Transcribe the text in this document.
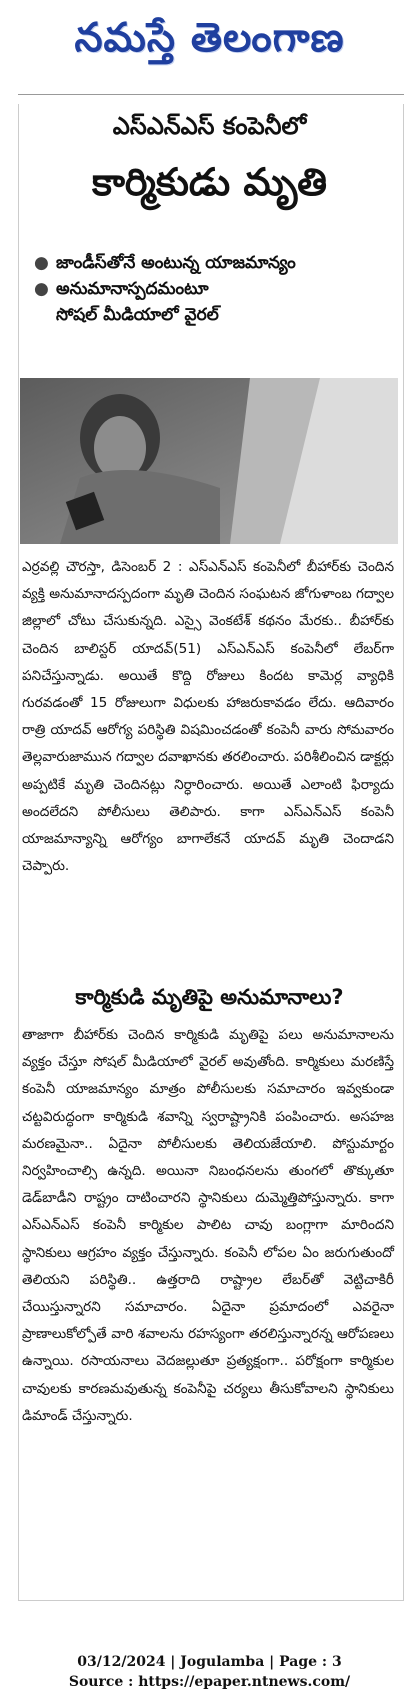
నమస్తే తెలంగాణ
ఎస్‌ఎన్‌ఎస్ కంపెనీలో
కార్మికుడు మృతి
● జాండీస్‌తోనే అంటున్న యాజమాన్యం
● అనుమానాస్పదమంటూ
సోషల్ మీడియాలో వైరల్
ఎర్రవల్లి చౌరస్తా, డిసెంబర్ 2 : ఎస్‌ఎన్‌ఎస్ కంపెనీలో బీహార్‌కు చెందిన వ్యక్తి అనుమానాదస్పదంగా మృతి చెందిన సంఘటన జోగుళాంబ గద్వాల జిల్లాలో చోటు చేసుకున్నది. ఎస్సై వెంకటేశ్ కథనం మేరకు.. బీహార్‌కు చెందిన బాలిస్టర్ యాదవ్(51) ఎస్‌ఎన్‌ఎస్ కంపెనీలో లేబర్‌గా పనిచేస్తున్నాడు. అయితే కొద్ది రోజులు కిందట కామెర్ల వ్యాధికి గురవడంతో 15 రోజులుగా విధులకు హాజరుకావడం లేదు. ఆదివారం రాత్రి యాదవ్ ఆరోగ్య పరిస్థితి విషమించడంతో కంపెనీ వారు సోమవారం తెల్లవారుజామున గద్వాల దవాఖానకు తరలించారు. పరిశీలించిన డాక్టర్లు అప్పటికే మృతి చెందినట్లు నిర్ధారించారు. అయితే ఎలాంటి ఫిర్యాదు అందలేదని పోలీసులు తెలిపారు. కాగా ఎస్‌ఎన్‌ఎస్ కంపెనీ యాజమాన్యాన్ని ఆరోగ్యం బాగాలేకనే యాదవ్ మృతి చెందాడని చెప్పారు.
కార్మికుడి మృతిపై అనుమానాలు?
తాజాగా బీహార్‌కు చెందిన కార్మికుడి మృతిపై పలు అనుమానాలను వ్యక్తం చేస్తూ సోషల్ మీడియాలో వైరల్ అవుతోంది. కార్మికులు మరణిస్తే కంపెనీ యాజమాన్యం మాత్రం పోలీసులకు సమాచారం ఇవ్వకుండా చట్టవిరుద్ధంగా కార్మికుడి శవాన్ని స్వరాష్ట్రానికి పంపించారు. అసహజ మరణమైనా.. ఏదైనా పోలీసులకు తెలియజేయాలి. పోస్టుమార్టం నిర్వహించాల్సి ఉన్నది. అయినా నిబంధనలను తుంగలో తొక్కుతూ డెడ్‌బాడీని రాష్ట్రం దాటించారని స్థానికులు దుమ్మెత్తిపోస్తున్నారు. కాగా ఎస్‌ఎన్‌ఎస్ కంపెనీ కార్మికుల పాలిట చావు బంగ్లాగా మారిందని స్థానికులు ఆగ్రహం వ్యక్తం చేస్తున్నారు. కంపెనీ లోపల ఏం జరుగుతుందో తెలియని పరిస్థితి.. ఉత్తరాది రాష్ట్రాల లేబర్‌తో వెట్టిచాకిరీ చేయిస్తున్నారని సమాచారం. ఏదైనా ప్రమాదంలో ఎవరైనా ప్రాణాలుకోల్పోతే వారి శవాలను రహస్యంగా తరలిస్తున్నారన్న ఆరోపణలు ఉన్నాయి. రసాయనాలు వెదజల్లుతూ ప్రత్యక్షంగా.. పరోక్షంగా కార్మికుల చావులకు కారణమవుతున్న కంపెనీపై చర్యలు తీసుకోవాలని స్థానికులు డిమాండ్ చేస్తున్నారు.
03/12/2024 | Jogulamba | Page : 3
Source : https://epaper.ntnews.com/
